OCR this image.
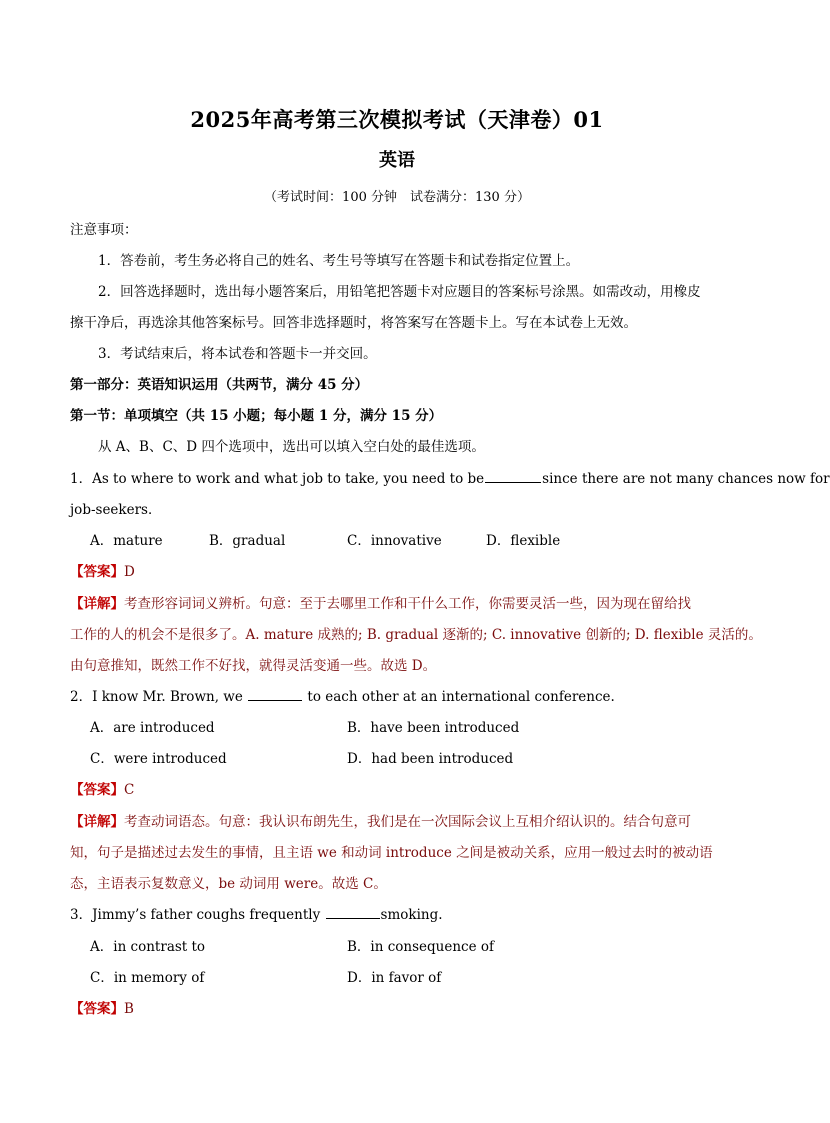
2025年高考第三次模拟考试（天津卷）01
英语
（考试时间：100 分钟　试卷满分：130 分）
注意事项：
1．答卷前，考生务必将自己的姓名、考生号等填写在答题卡和试卷指定位置上。
2．回答选择题时，选出每小题答案后，用铅笔把答题卡对应题目的答案标号涂黑。如需改动，用橡皮
擦干净后，再选涂其他答案标号。回答非选择题时，将答案写在答题卡上。写在本试卷上无效。
3．考试结束后，将本试卷和答题卡一并交回。
第一部分：英语知识运用（共两节，满分 45 分）
第一节：单项填空（共 15 小题；每小题 1 分，满分 15 分）
从 A、B、C、D 四个选项中，选出可以填入空白处的最佳选项。
1．As to where to work and what job to take, you need to be	since there are not many chances now for
job-seekers．
A．mature	B．gradual	C．innovative	D．flexible
【答案】D
【详解】考查形容词词义辨析。句意：至于去哪里工作和干什么工作，你需要灵活一些，因为现在留给找
工作的人的机会不是很多了。A. mature 成熟的; B. gradual 逐渐的; C. innovative 创新的; D. flexible 灵活的。
由句意推知，既然工作不好找，就得灵活变通一些。故选 D。
2．I know Mr. Brown, we	to each other at an international conference.
A．are introduced	B．have been introduced
C．were introduced	D．had been introduced
【答案】C
【详解】考查动词语态。句意：我认识布朗先生，我们是在一次国际会议上互相介绍认识的。结合句意可
知，句子是描述过去发生的事情，且主语 we 和动词 introduce 之间是被动关系，应用一般过去时的被动语
态，主语表示复数意义，be 动词用 were。故选 C。
3．Jimmy’s father coughs frequently	smoking.
A．in contrast to	B．in consequence of
C．in memory of	D．in favor of
【答案】B
